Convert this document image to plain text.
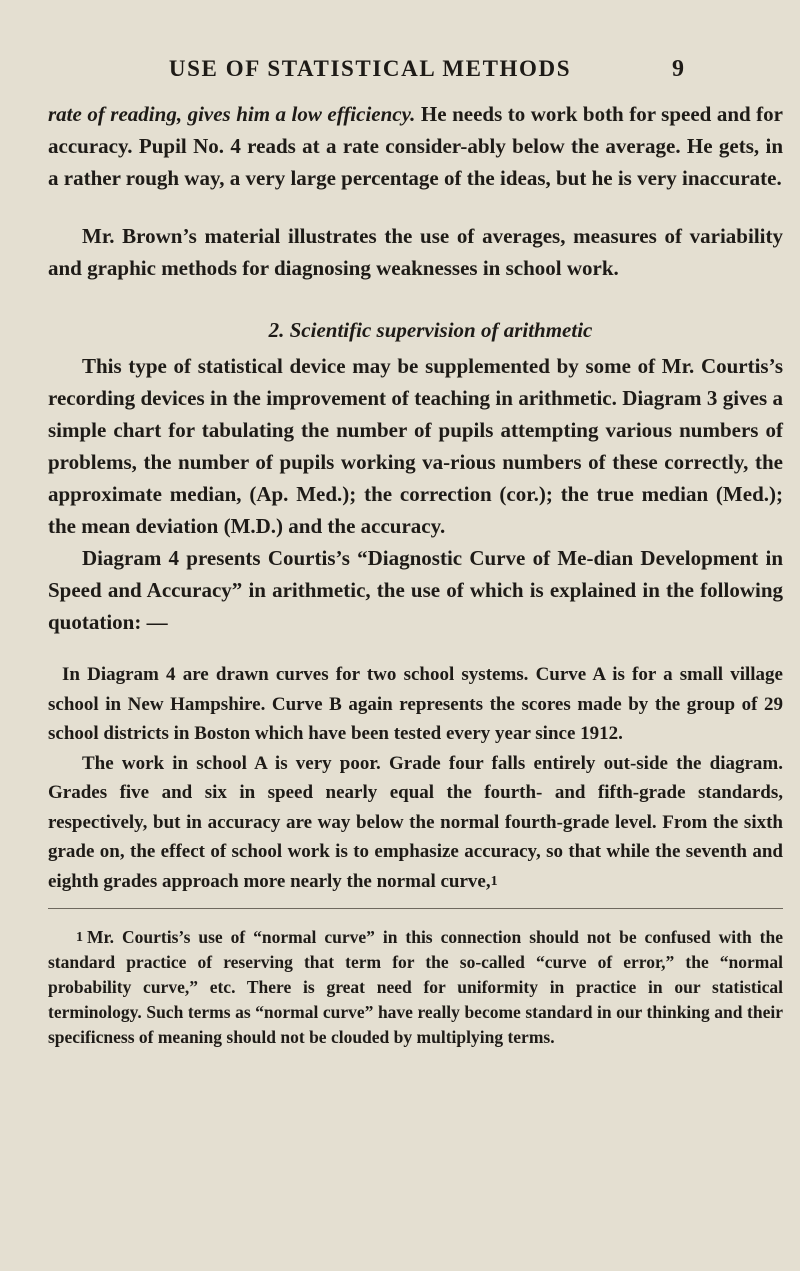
USE OF STATISTICAL METHODS	9

rate of reading, gives him a low efficiency. He needs to work both for speed and for accuracy. Pupil No. 4 reads at a rate consider-ably below the average. He gets, in a rather rough way, a very large percentage of the ideas, but he is very inaccurate.

Mr. Brown’s material illustrates the use of averages, measures of variability and graphic methods for diagnosing weaknesses in school work.

2. Scientific supervision of arithmetic

This type of statistical device may be supplemented by some of Mr. Courtis’s recording devices in the improvement of teaching in arithmetic. Diagram 3 gives a simple chart for tabulating the number of pupils attempting various numbers of problems, the number of pupils working va-rious numbers of these correctly, the approximate median, (Ap. Med.); the correction (cor.); the true median (Med.); the mean deviation (M.D.) and the accuracy.

Diagram 4 presents Courtis’s “Diagnostic Curve of Me-dian Development in Speed and Accuracy” in arithmetic, the use of which is explained in the following quotation: —

In Diagram 4 are drawn curves for two school systems. Curve A is for a small village school in New Hampshire. Curve B again represents the scores made by the group of 29 school districts in Boston which have been tested every year since 1912.

The work in school A is very poor. Grade four falls entirely out-side the diagram. Grades five and six in speed nearly equal the fourth- and fifth-grade standards, respectively, but in accuracy are way below the normal fourth-grade level. From the sixth grade on, the effect of school work is to emphasize accuracy, so that while the seventh and eighth grades approach more nearly the normal curve,$^1$

1 Mr. Courtis’s use of “normal curve” in this connection should not be confused with the standard practice of reserving that term for the so-called “curve of error,” the “normal probability curve,” etc. There is great need for uniformity in practice in our statistical terminology. Such terms as “normal curve” have really become standard in our thinking and their specificness of meaning should not be clouded by multiplying terms.
